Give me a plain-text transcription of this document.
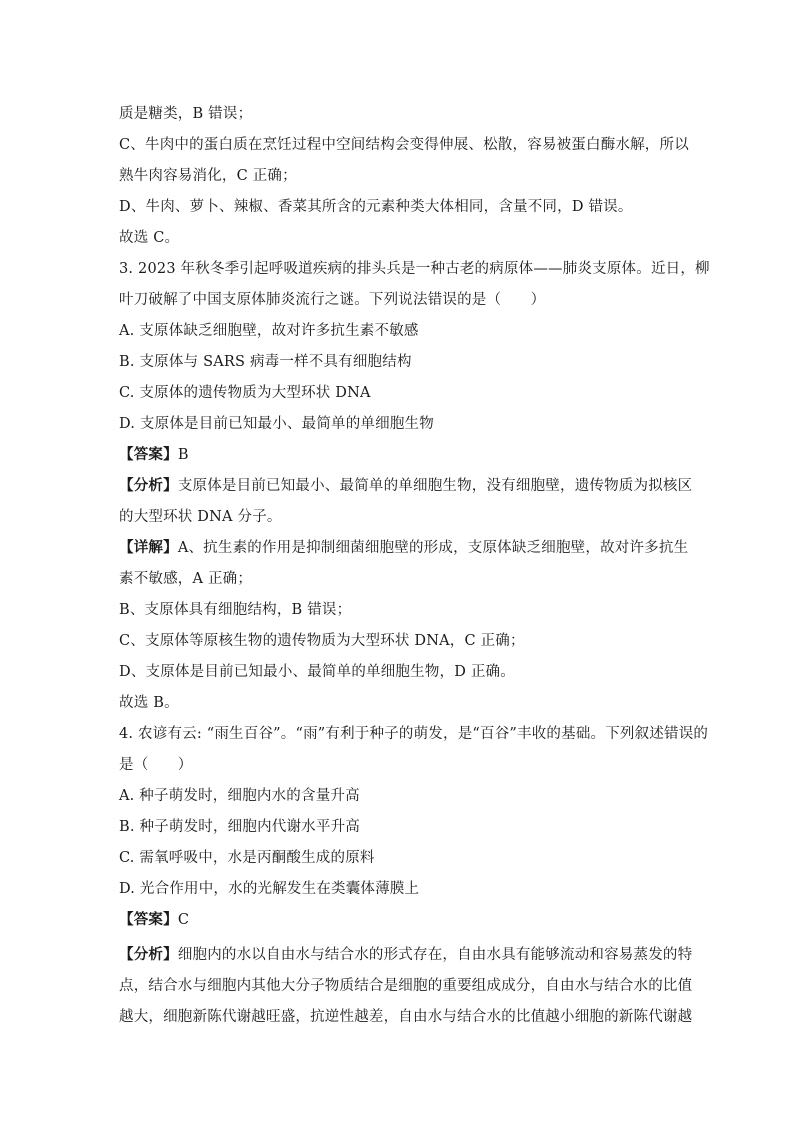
质是糖类，B 错误；
C、牛肉中的蛋白质在烹饪过程中空间结构会变得伸展、松散，容易被蛋白酶水解，所以
熟牛肉容易消化，C 正确；
D、牛肉、萝卜、辣椒、香菜其所含的元素种类大体相同，含量不同，D 错误。
故选 C。
3. 2023 年秋冬季引起呼吸道疾病的排头兵是一种古老的病原体——肺炎支原体。近日，柳
叶刀破解了中国支原体肺炎流行之谜。下列说法错误的是（　　）
A. 支原体缺乏细胞壁，故对许多抗生素不敏感
B. 支原体与 SARS 病毒一样不具有细胞结构
C. 支原体的遗传物质为大型环状 DNA
D. 支原体是目前已知最小、最简单的单细胞生物
【答案】B
【分析】支原体是目前已知最小、最简单的单细胞生物，没有细胞壁，遗传物质为拟核区
的大型环状 DNA 分子。
【详解】A、抗生素的作用是抑制细菌细胞壁的形成，支原体缺乏细胞壁，故对许多抗生
素不敏感，A 正确；
B、支原体具有细胞结构，B 错误；
C、支原体等原核生物的遗传物质为大型环状 DNA，C 正确；
D、支原体是目前已知最小、最简单的单细胞生物，D 正确。
故选 B。
4. 农谚有云: “雨生百谷”。“雨”有利于种子的萌发，是“百谷”丰收的基础。下列叙述错误的
是（　　）
A. 种子萌发时，细胞内水的含量升高
B. 种子萌发时，细胞内代谢水平升高
C. 需氧呼吸中，水是丙酮酸生成的原料
D. 光合作用中，水的光解发生在类囊体薄膜上
【答案】C
【分析】细胞内的水以自由水与结合水的形式存在，自由水具有能够流动和容易蒸发的特
点，结合水与细胞内其他大分子物质结合是细胞的重要组成成分，自由水与结合水的比值
越大，细胞新陈代谢越旺盛，抗逆性越差，自由水与结合水的比值越小细胞的新陈代谢越
